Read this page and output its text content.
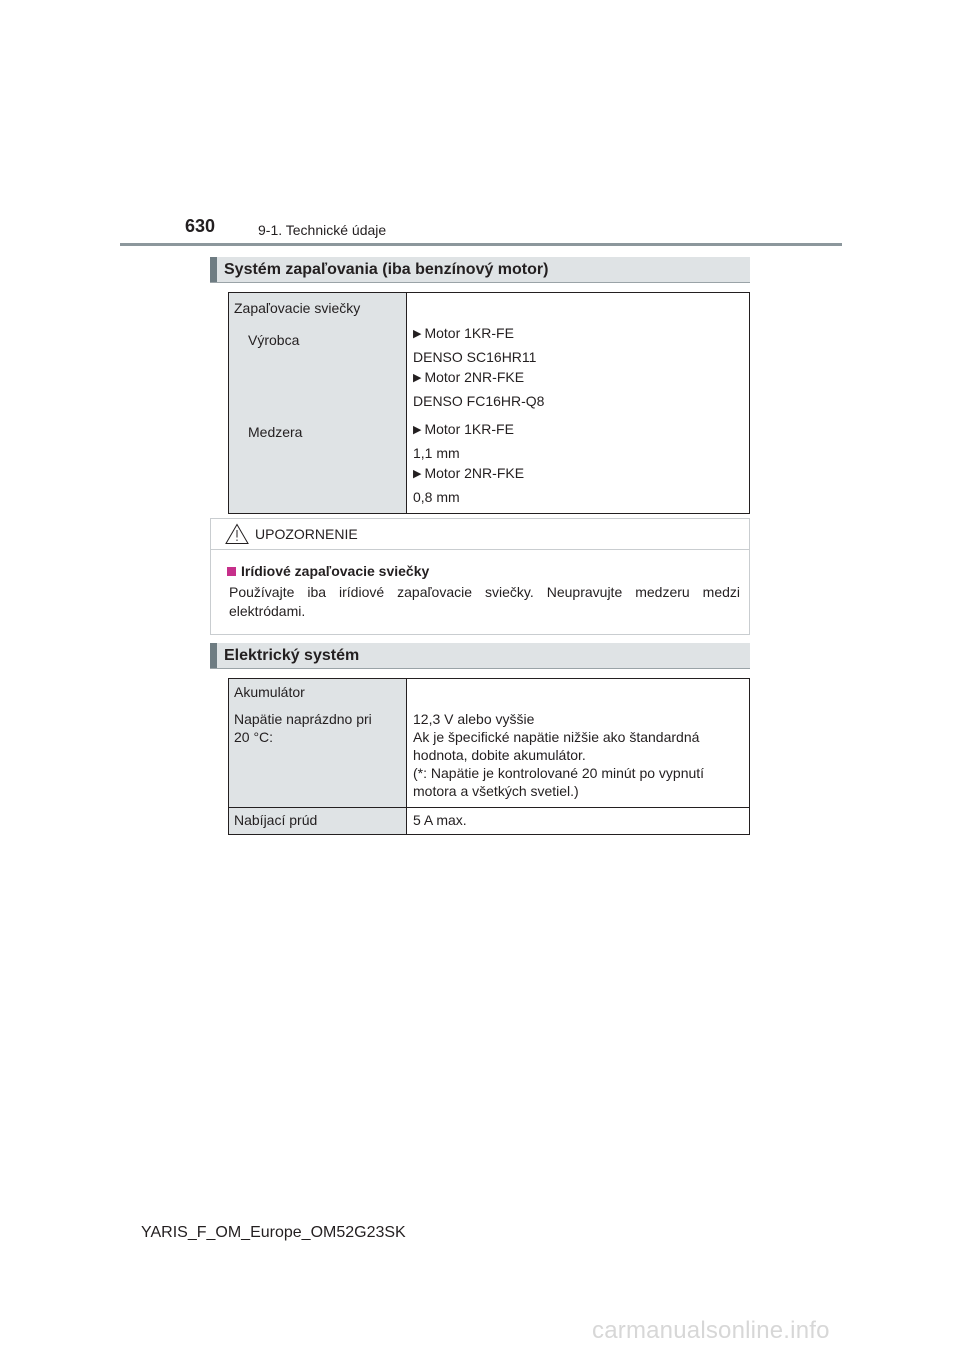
630	9-1. Technické údaje
Systém zapaľovania (iba benzínový motor)
Zapaľovacie sviečky
Výrobca
Medzera
▶ Motor 1KR-FE
DENSO SC16HR11
▶ Motor 2NR-FKE
DENSO FC16HR-Q8
▶ Motor 1KR-FE
1,1 mm
▶ Motor 2NR-FKE
0,8 mm
UPOZORNENIE
Irídiové zapaľovacie sviečky
Používajte iba irídiové zapaľovacie sviečky. Neupravujte medzeru medzi elektródami.
Elektrický systém
Akumulátor
Napätie naprázdno pri
20 °C:
12,3 V alebo vyššie
Ak je špecifické napätie nižšie ako štandardná
hodnota, dobite akumulátor.
(*: Napätie je kontrolované 20 minút po vypnutí
motora a všetkých svetiel.)
Nabíjací prúd	5 A max.
YARIS_F_OM_Europe_OM52G23SK
carmanualsonline.info
